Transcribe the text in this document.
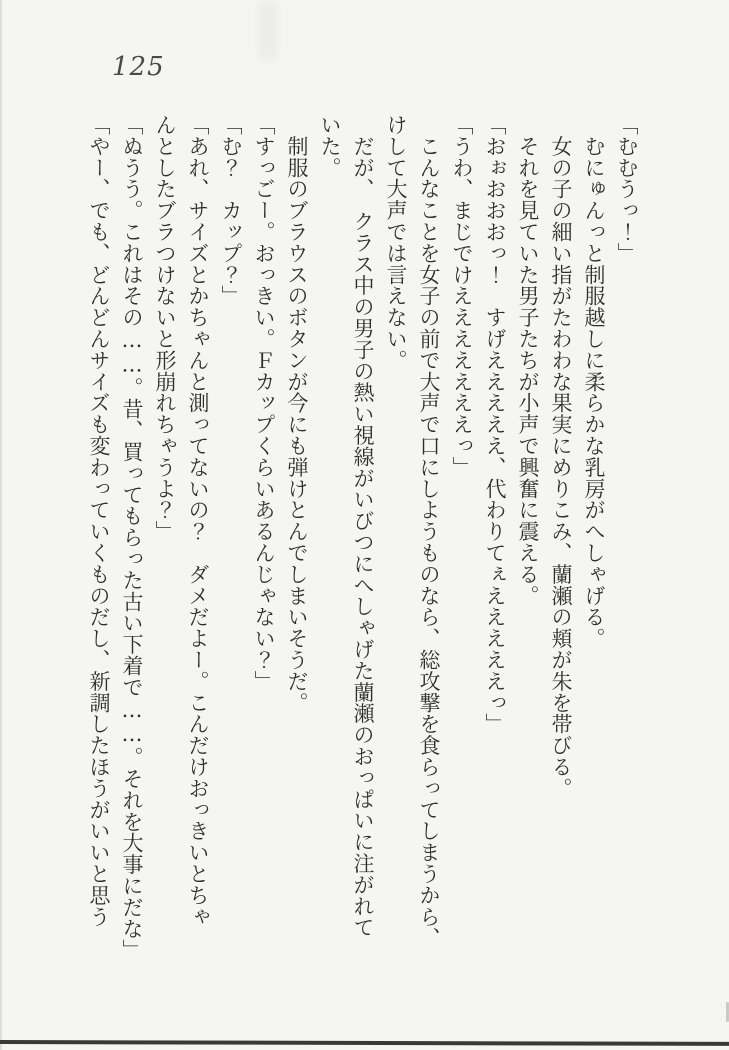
125

「むむうっ！」

　むにゅんっと制服越しに柔らかな乳房がへしゃげる。

　女の子の細い指がたわわな果実にめりこみ、蘭瀬の頬が朱を帯びる。

　それを見ていた男子たちが小声で興奮に震える。

「おぉおおおっ！　すげえええええ、代わりてぇえええええっ」

「うわ、まじでけえええええええっ」

　こんなことを女子の前で大声で口にしようものなら、総攻撃を食らってしまうから、

けして大声では言えない。

　だが、　クラス中の男子の熱い視線がいびつにへしゃげた蘭瀬のおっぱいに注がれて

いた。

　制服のブラウスのボタンが今にも弾けとんでしまいそうだ。

「すっごー。おっきい。Ｆカップくらいあるんじゃない？」

「む？　カップ？」

「あれ、サイズとかちゃんと測ってないの？　ダメだよー。こんだけおっきいとちゃ

んとしたブラつけないと形崩れちゃうよ？」

「ぬうう。これはその……。昔、買ってもらった古い下着で……。それを大事にだな」

「やー、でも、どんどんサイズも変わっていくものだし、新調したほうがいいと思う
